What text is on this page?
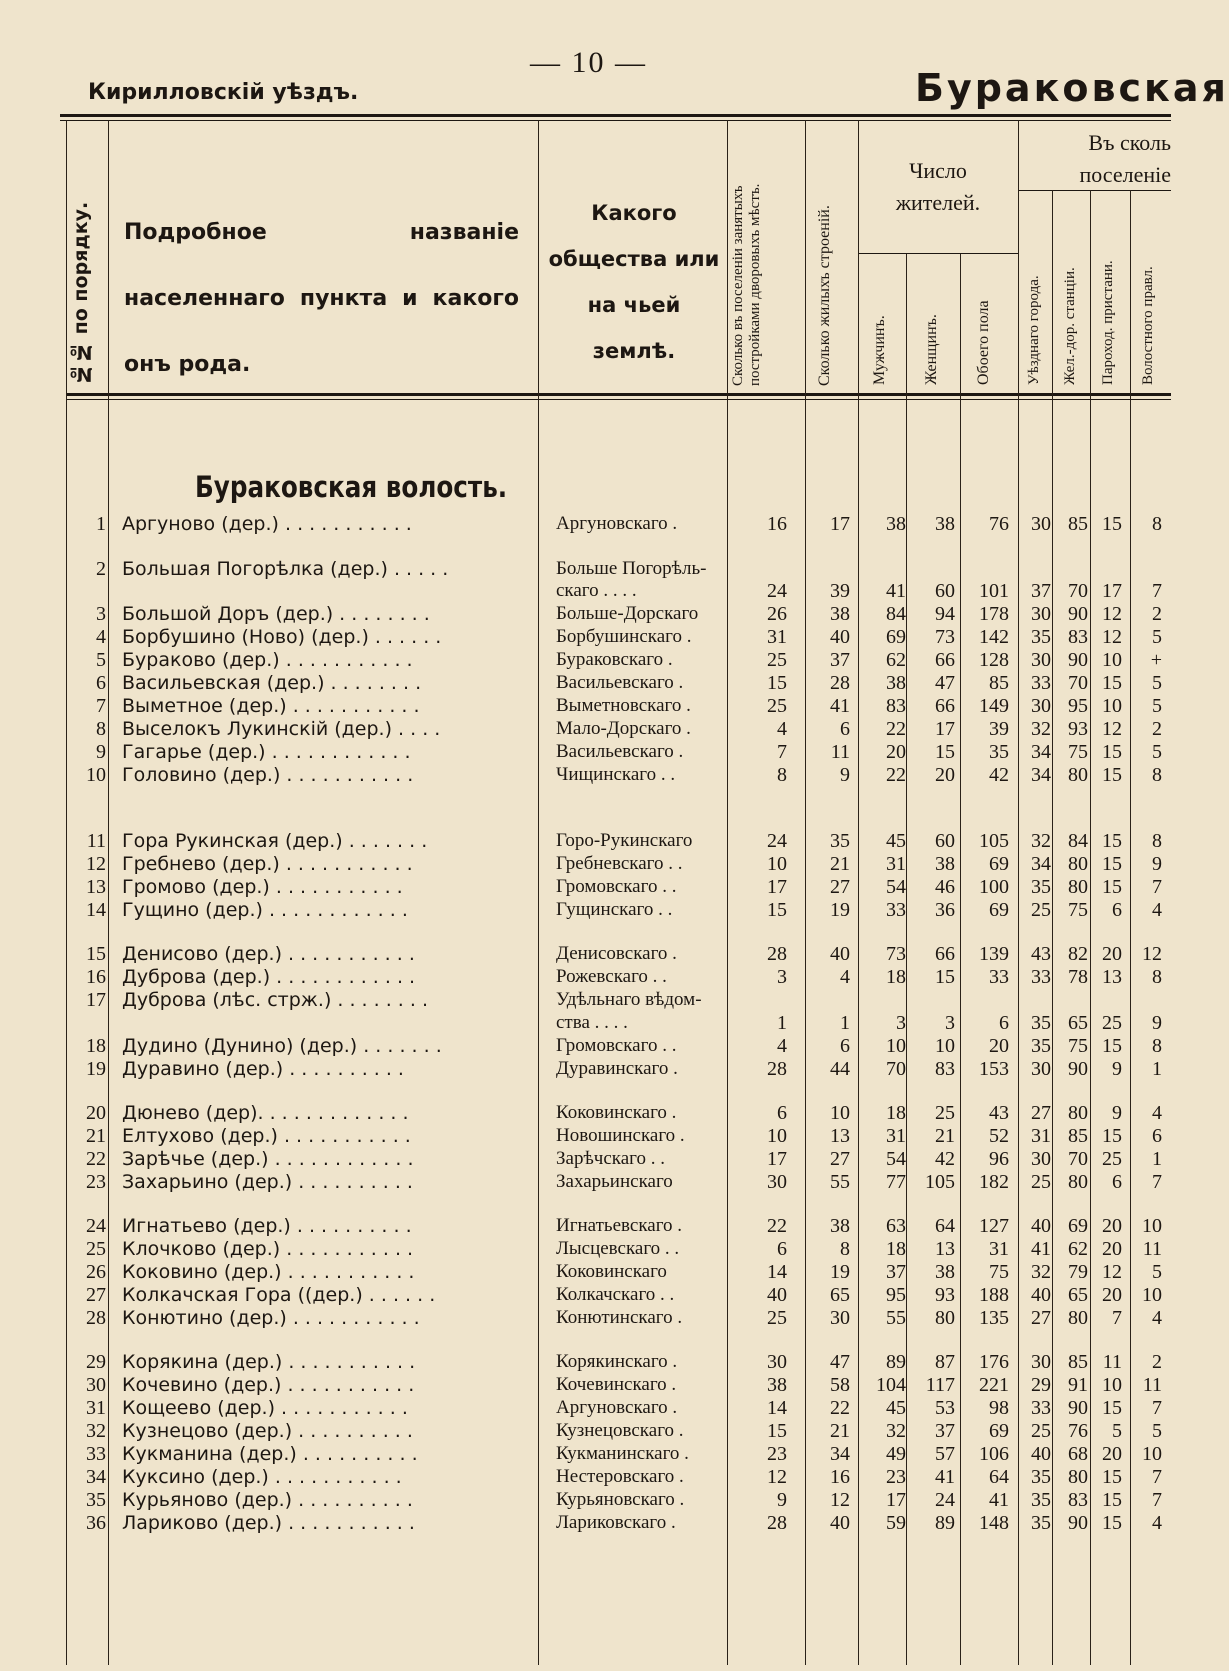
Кирилловскій уѣздъ.
— 10 —
Бураковская
№№ по порядку. Подробное названіе населеннаго пункта и какого онъ рода.
Какого общества или на чьей землѣ.	Сколько въ поселеніи занятыхъ постройками дворовыхъ мѣстъ.	Сколько жилыхъ строеній.
Число жителей.
Мужчинъ. Женщинъ. Обоего пола
Въ сколь поселеніе
Уѣзднаго города. Жел.-дор. станціи. Пароход. пристани. Волостного правл.
Бураковская волость.
1 Аргуново (дер.) . . . . . . . . . . .	Аргуновскаго .	16	17	38	38	76	30 85 15	8
2 Большая Погорѣлка (дер.) . . . . .	Больше Погорѣль-
скаго . . . .	24	39	41	60	101	37 70 17	7
3 Большой Доръ (дер.) . . . . . . . .	Больше-Дорскаго	26	38	84	94	178	30 90 12	2
4 Борбушино (Ново) (дер.) . . . . . .	Борбушинскаго .	31	40	69	73	142	35 83 12	5
5 Бураково (дер.) . . . . . . . . . . .	Бураковскаго .	25	37	62	66	128	30 90 10	+
6 Васильевская (дер.) . . . . . . . .	Васильевскаго .	15	28	38	47	85	33 70 15	5
7 Выметное (дер.) . . . . . . . . . . .	Выметновскаго .	25	41	83	66	149	30 95 10	5
8 Выселокъ Лукинскій (дер.) . . . .	Мало-Дорскаго .	4	6	22	17	39	32 93 12	2
9 Гагарье (дер.) . . . . . . . . . . . .	Васильевскаго .	7	11	20	15	35	34 75 15	5
10 Головино (дер.) . . . . . . . . . . .	Чищинскаго . .	8	9	22	20	42	34 80 15	8
11 Гора Рукинская (дер.) . . . . . . .	Горо-Рукинскаго	24	35	45	60	105	32 84 15	8
12 Гребнево (дер.) . . . . . . . . . . .	Гребневскаго . .	10	21	31	38	69	34 80 15	9
13 Громово (дер.) . . . . . . . . . . .	Громовскаго . .	17	27	54	46	100	35 80 15	7
14 Гущино (дер.) . . . . . . . . . . . .	Гущинскаго . .	15	19	33	36	69	25 75	6	4
15 Денисово (дер.) . . . . . . . . . . .	Денисовскаго .	28	40	73	66	139	43 82 20	12
16 Дуброва (дер.) . . . . . . . . . . . .	Рожевскаго . .	3	4	18	15	33	33 78 13	8
17 Дуброва (лѣс. стрж.) . . . . . . . .	Удѣльнаго вѣдом-
ства . . . .	1	1	3	3	6	35 65 25	9
18 Дудино (Дунино) (дер.) . . . . . . .	Громовскаго . .	4	6	10	10	20	35 75 15	8
19 Дуравино (дер.) . . . . . . . . . .	Дуравинскаго .	28	44	70	83	153	30 90	9	1
20 Дюнево (дер). . . . . . . . . . . . .	Коковинскаго .	6	10	18	25	43	27 80	9	4
21 Елтухово (дер.) . . . . . . . . . . .	Новошинскаго .	10	13	31	21	52	31 85 15	6
22 Зарѣчье (дер.) . . . . . . . . . . . .	Зарѣчскаго . .	17	27	54	42	96	30 70 25	1
23 Захарьино (дер.) . . . . . . . . . .	Захарьинскаго	30	55	77 105	182	25 80	6	7
24 Игнатьево (дер.) . . . . . . . . . .	Игнатьевскаго .	22	38	63	64	127	40 69 20	10
25 Клочково (дер.) . . . . . . . . . . .	Лысцевскаго . .	6	8	18	13	31	41 62 20	11
26 Коковино (дер.) . . . . . . . . . . .	Коковинскаго	14	19	37	38	75	32 79 12	5
27 Колкачская Гора ((дер.) . . . . . .	Колкачскаго . .	40	65	95	93	188	40 65 20	10
28 Конютино (дер.) . . . . . . . . . . .	Конютинскаго .	25	30	55	80	135	27 80	7	4
29 Корякина (дер.) . . . . . . . . . . .	Корякинскаго .	30	47	89	87	176	30 85 11	2
30 Кочевино (дер.) . . . . . . . . . . .	Кочевинскаго .	38	58	104 117	221	29 91 10	11
31 Кощеево (дер.) . . . . . . . . . . .	Аргуновскаго .	14	22	45	53	98	33 90 15	7
32 Кузнецово (дер.) . . . . . . . . . .	Кузнецовскаго .	15	21	32	37	69	25 76	5	5
33 Кукманина (дер.) . . . . . . . . . .	Кукманинскаго .	23	34	49	57	106	40 68 20	10
34 Куксино (дер.) . . . . . . . . . . .	Нестеровскаго .	12	16	23	41	64	35 80 15	7
35 Курьяново (дер.) . . . . . . . . . .	Курьяновскаго .	9	12	17	24	41	35 83 15	7
36 Лариково (дер.) . . . . . . . . . . .	Лариковскаго .	28	40	59	89	148	35 90 15	4
